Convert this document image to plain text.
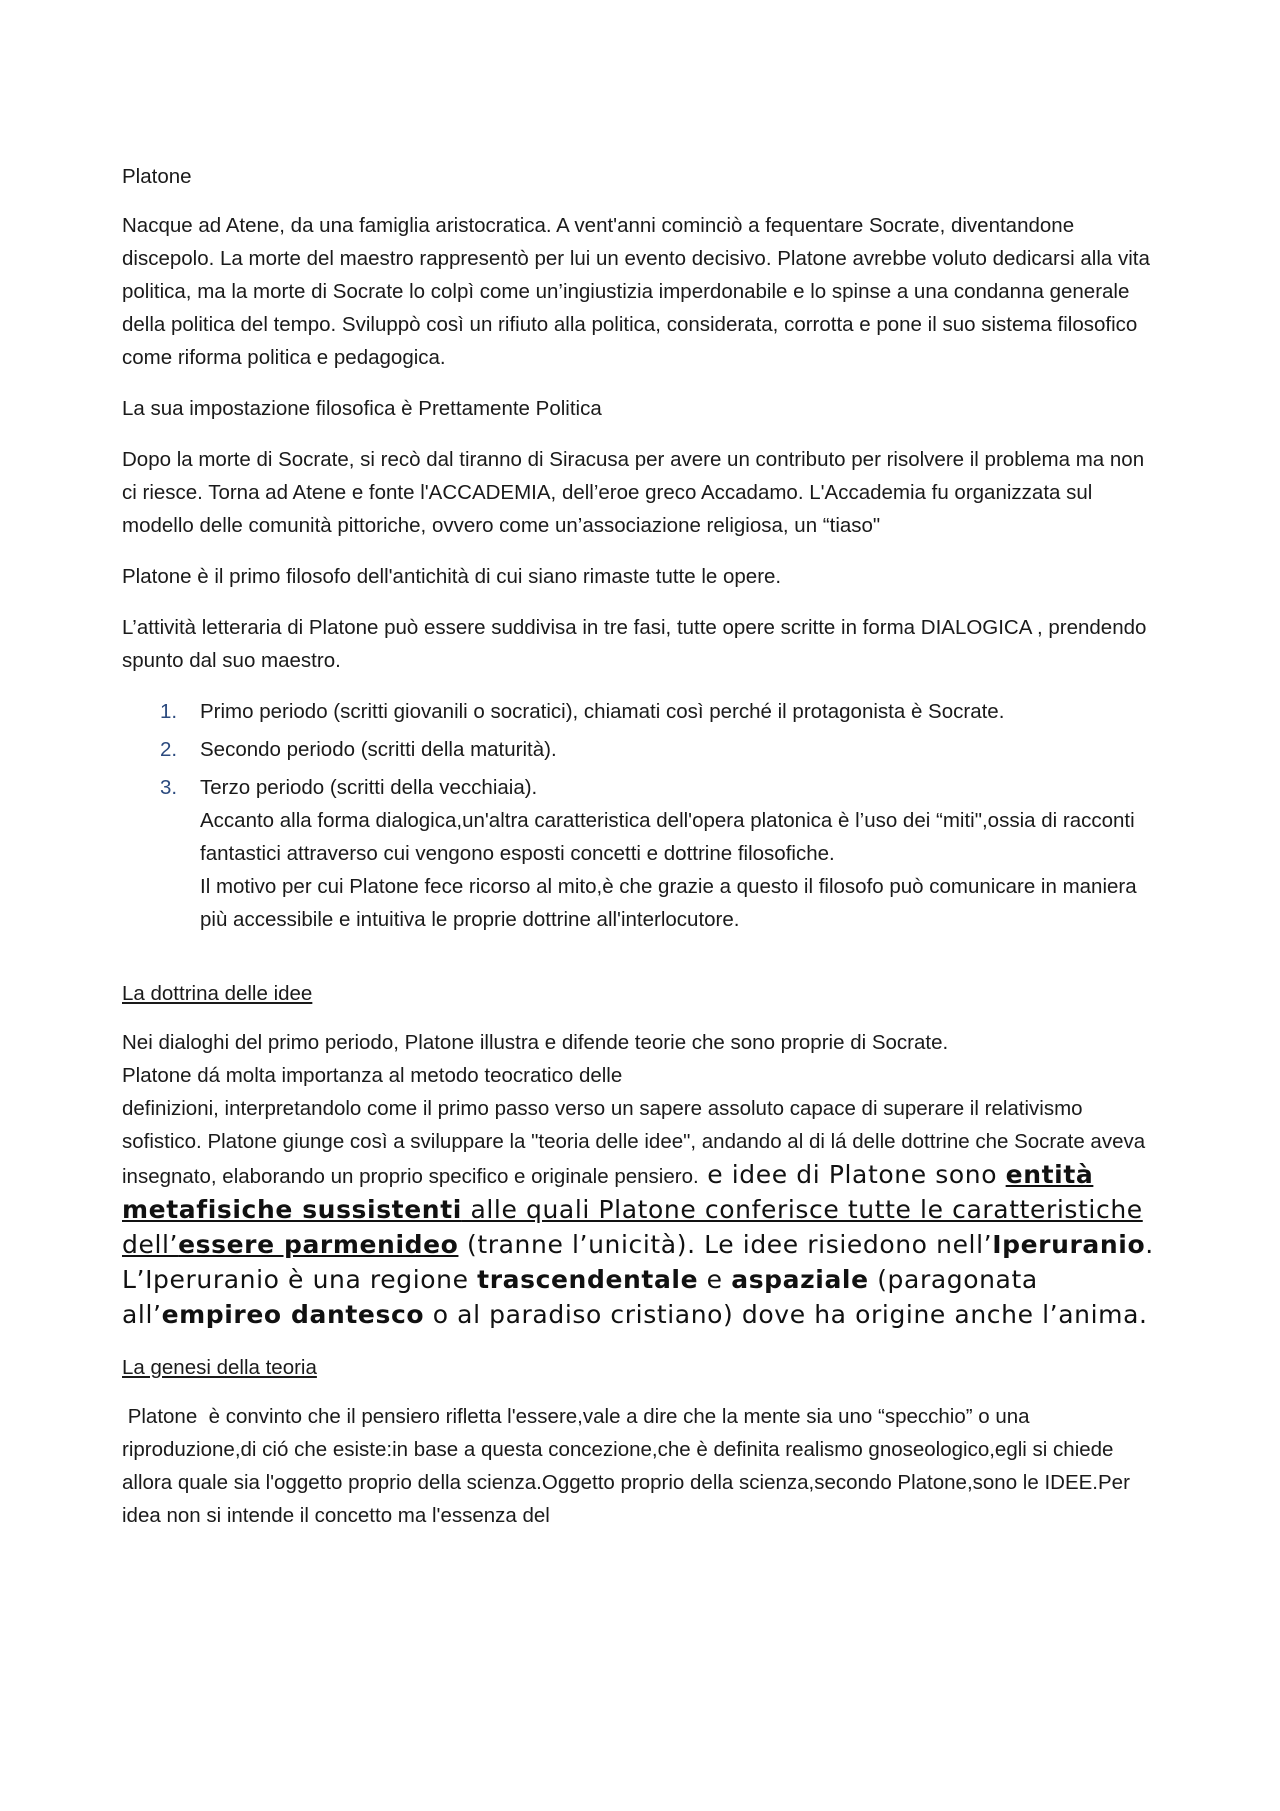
Platone

Nacque ad Atene, da una famiglia aristocratica. A vent'anni cominciò a fequentare Socrate, diventandone discepolo. La morte del maestro rappresentò per lui un evento decisivo. Platone avrebbe voluto dedicarsi alla vita politica, ma la morte di Socrate lo colpì come un’ingiustizia imperdonabile e lo spinse a una condanna generale della politica del tempo. Sviluppò così un rifiuto alla politica, considerata, corrotta e pone il suo sistema filosofico come riforma politica e pedagogica.

La sua impostazione filosofica è Prettamente Politica

Dopo la morte di Socrate, si recò dal tiranno di Siracusa per avere un contributo per risolvere il problema ma non ci riesce. Torna ad Atene e fonte l'ACCADEMIA, dell’eroe greco Accadamo. L'Accademia fu organizzata sul modello delle comunità pittoriche, ovvero come un’associazione religiosa, un “tiaso"

Platone è il primo filosofo dell'antichità di cui siano rimaste tutte le opere.

L’attività letteraria di Platone può essere suddivisa in tre fasi, tutte opere scritte in forma DIALOGICA , prendendo spunto dal suo maestro.

1. Primo periodo (scritti giovanili o socratici), chiamati così perché il protagonista è Socrate.
2. Secondo periodo (scritti della maturità).
3. Terzo periodo (scritti della vecchiaia).
Accanto alla forma dialogica,un'altra caratteristica dell'opera platonica è l’uso dei “miti",ossia di racconti fantastici attraverso cui vengono esposti concetti e dottrine filosofiche.
Il motivo per cui Platone fece ricorso al mito,è che grazie a questo il filosofo può comunicare in maniera più accessibile e intuitiva le proprie dottrine all'interlocutore.

La dottrina delle idee

Nei dialoghi del primo periodo, Platone illustra e difende teorie che sono proprie di Socrate.
Platone dá molta importanza al metodo teocratico delle
definizioni, interpretandolo come il primo passo verso un sapere assoluto capace di superare il relativismo sofistico. Platone giunge così a sviluppare la "teoria delle idee", andando al di lá delle dottrine che Socrate aveva insegnato, elaborando un proprio specifico e originale pensiero. e idee di Platone sono entità metafisiche sussistenti alle quali Platone conferisce tutte le caratteristiche dell’essere parmenideo (tranne l’unicità). Le idee risiedono nell’Iperuranio. L’Iperuranio è una regione trascendentale e aspaziale (paragonata all’empireo dantesco o al paradiso cristiano) dove ha origine anche l’anima.

La genesi della teoria

Platone  è convinto che il pensiero rifletta l'essere,vale a dire che la mente sia uno “specchio” o una riproduzione,di ció che esiste:in base a questa concezione,che è definita realismo gnoseologico,egli si chiede allora quale sia l'oggetto proprio della scienza.Oggetto proprio della scienza,secondo Platone,sono le IDEE.Per idea non si intende il concetto ma l'essenza del
